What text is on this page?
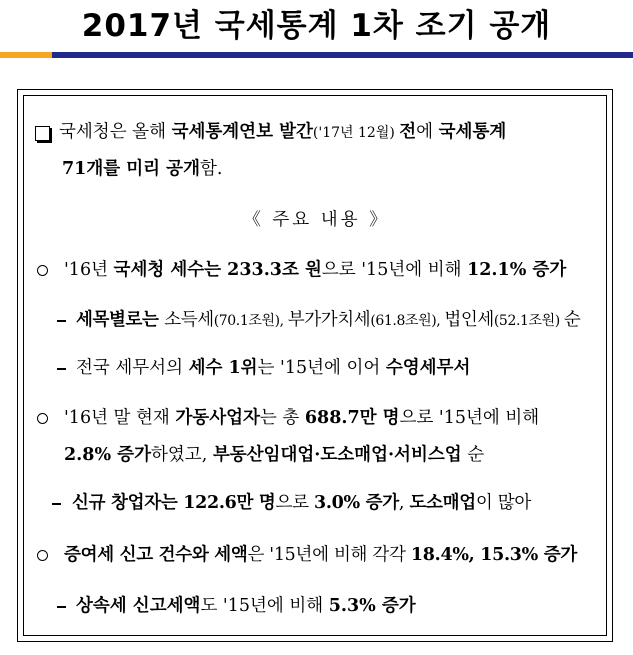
2017년 국세통계 1차 조기 공개
국세청은 올해 국세통계연보 발간('17년 12월) 전에 국세통계
71개를 미리 공개함.
《 주요 내용 》
'16년 국세청 세수는 233.3조 원으로 '15년에 비해 12.1% 증가
세목별로는 소득세(70.1조원), 부가가치세(61.8조원), 법인세(52.1조원) 순
전국 세무서의 세수 1위는 '15년에 이어 수영세무서
'16년 말 현재 가동사업자는 총 688.7만 명으로 '15년에 비해
2.8% 증가하였고, 부동산임대업·도소매업·서비스업 순
신규 창업자는 122.6만 명으로 3.0% 증가, 도소매업이 많아
증여세 신고 건수와 세액은 '15년에 비해 각각 18.4%, 15.3% 증가
상속세 신고세액도 '15년에 비해 5.3% 증가
